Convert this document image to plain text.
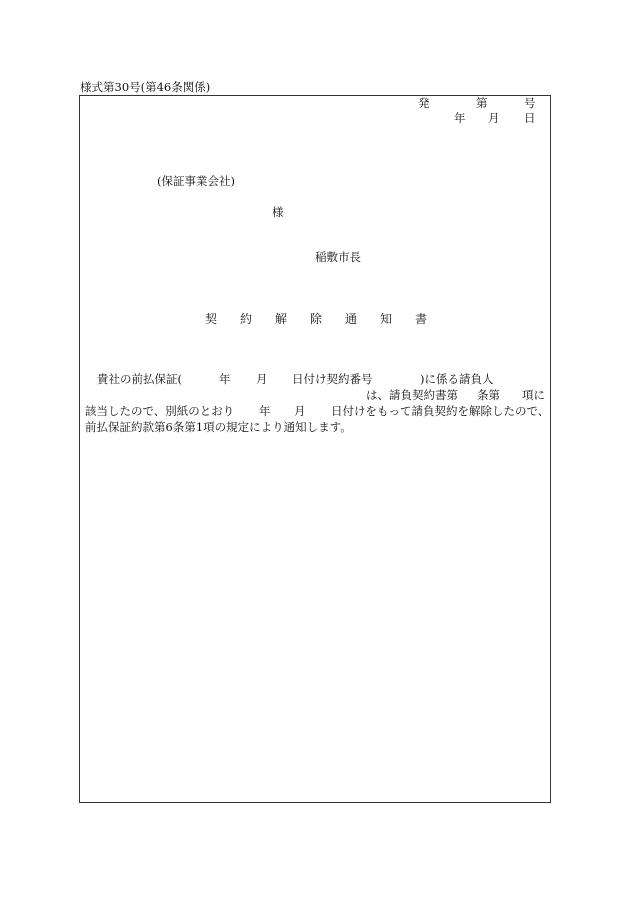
様式第30号(第46条関係)
発	第	号
年 月 日
(保証事業会社)
様
稲敷市長
契 約 解 除 通 知 書
貴社の前払保証(	年 月 日付け契約番号	)に係る請負人
は、請負契約書第 条第 項に
該当したので、別紙のとおり 年 月 日付けをもって請負契約を解除したので、
前払保証約款第6条第1項の規定により通知します。
